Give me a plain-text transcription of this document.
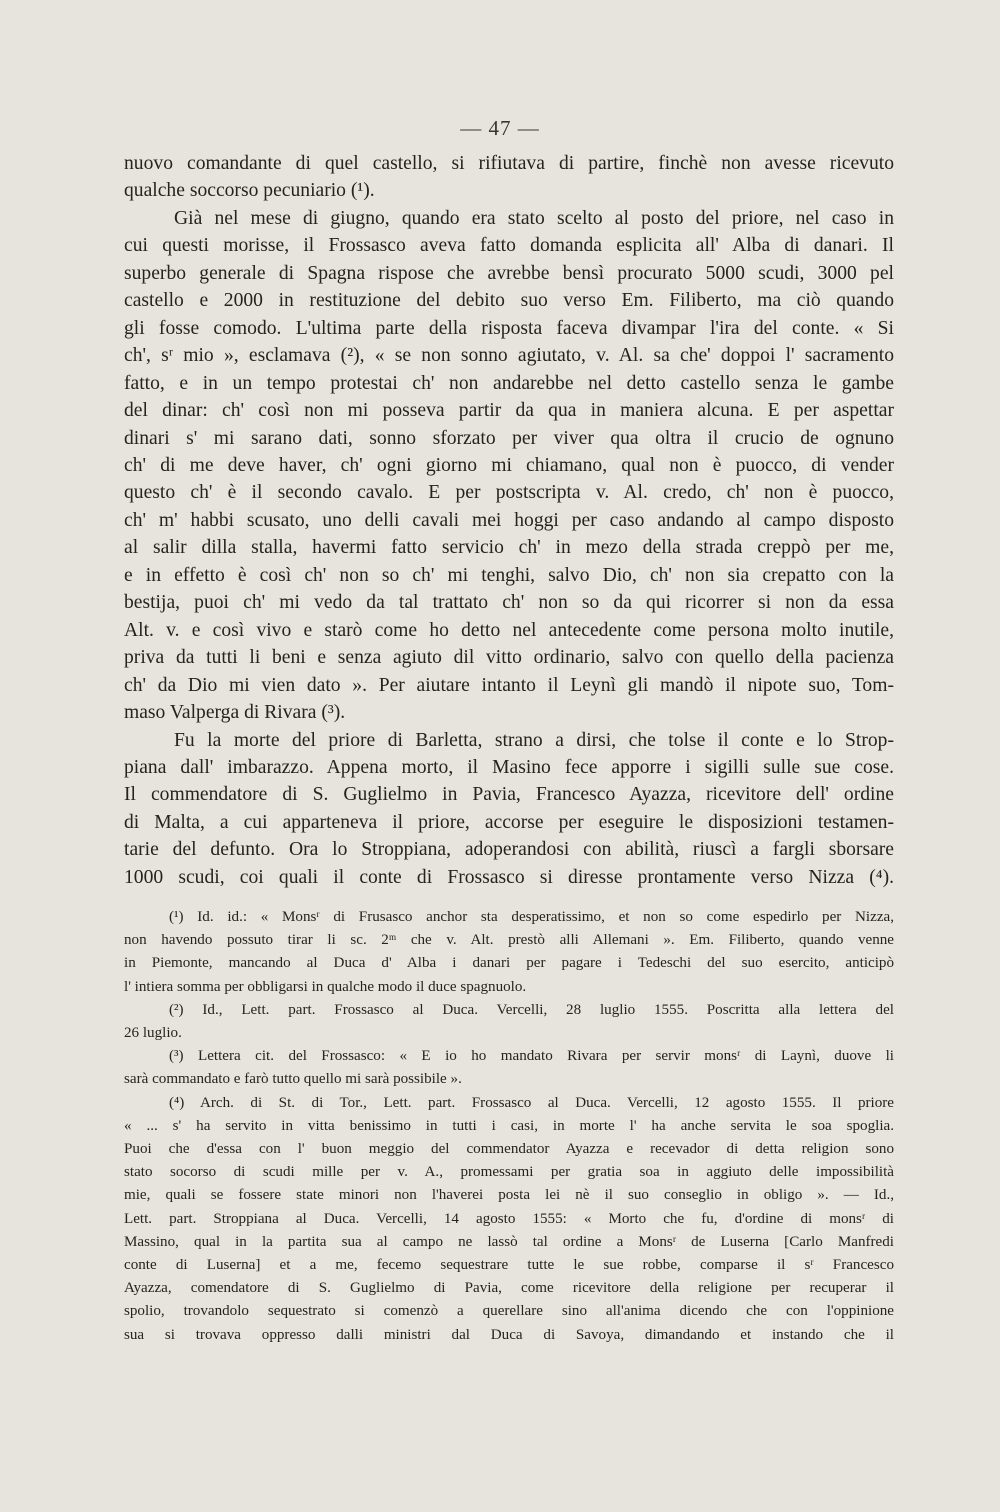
— 47 —
nuovo comandante di quel castello, si rifiutava di partire, finchè non avesse ricevuto
qualche soccorso pecuniario (¹).
Già nel mese di giugno, quando era stato scelto al posto del priore, nel caso in
cui questi morisse, il Frossasco aveva fatto domanda esplicita all' Alba di danari. Il
superbo generale di Spagna rispose che avrebbe bensì procurato 5000 scudi, 3000 pel
castello e 2000 in restituzione del debito suo verso Em. Filiberto, ma ciò quando
gli fosse comodo. L'ultima parte della risposta faceva divampar l'ira del conte. « Si
ch', sʳ mio », esclamava (²), « se non sonno agiutato, v. Al. sa che' doppoi l' sacramento
fatto, e in un tempo protestai ch' non andarebbe nel detto castello senza le gambe
del dinar: ch' così non mi posseva partir da qua in maniera alcuna. E per aspettar
dinari s' mi sarano dati, sonno sforzato per viver qua oltra il crucio de ognuno
ch' di me deve haver, ch' ogni giorno mi chiamano, qual non è puocco, di vender
questo ch' è il secondo cavalo. E per postscripta v. Al. credo, ch' non è puocco,
ch' m' habbi scusato, uno delli cavali mei hoggi per caso andando al campo disposto
al salir dilla stalla, havermi fatto servicio ch' in mezo della strada creppò per me,
e in effetto è così ch' non so ch' mi tenghi, salvo Dio, ch' non sia crepatto con la
bestija, puoi ch' mi vedo da tal trattato ch' non so da qui ricorrer si non da essa
Alt. v. e così vivo e starò come ho detto nel antecedente come persona molto inutile,
priva da tutti li beni e senza agiuto dil vitto ordinario, salvo con quello della pacienza
ch' da Dio mi vien dato ». Per aiutare intanto il Leynì gli mandò il nipote suo, Tom-
maso Valperga di Rivara (³).
Fu la morte del priore di Barletta, strano a dirsi, che tolse il conte e lo Strop-
piana dall' imbarazzo. Appena morto, il Masino fece apporre i sigilli sulle sue cose.
Il commendatore di S. Guglielmo in Pavia, Francesco Ayazza, ricevitore dell' ordine
di Malta, a cui apparteneva il priore, accorse per eseguire le disposizioni testamen-
tarie del defunto. Ora lo Stroppiana, adoperandosi con abilità, riuscì a fargli sborsare
1000 scudi, coi quali il conte di Frossasco si diresse prontamente verso Nizza (⁴).
(¹) Id. id.: « Monsʳ di Frusasco anchor sta desperatissimo, et non so come espedirlo per Nizza,
non havendo possuto tirar li sc. 2ᵐ che v. Alt. prestò alli Allemani ». Em. Filiberto, quando venne
in Piemonte, mancando al Duca d' Alba i danari per pagare i Tedeschi del suo esercito, anticipò
l' intiera somma per obbligarsi in qualche modo il duce spagnuolo.
(²) Id., Lett. part. Frossasco al Duca. Vercelli, 28 luglio 1555. Poscritta alla lettera del
26 luglio.
(³) Lettera cit. del Frossasco: « E io ho mandato Rivara per servir monsʳ di Laynì, duove li
sarà commandato e farò tutto quello mi sarà possibile ».
(⁴) Arch. di St. di Tor., Lett. part. Frossasco al Duca. Vercelli, 12 agosto 1555. Il priore
« ... s' ha servito in vitta benissimo in tutti i casi, in morte l' ha anche servita le soa spoglia.
Puoi che d'essa con l' buon meggio del commendator Ayazza e recevador di detta religion sono
stato socorso di scudi mille per v. A., promessami per gratia soa in aggiuto delle impossibilità
mie, quali se fossere state minori non l'haverei posta lei nè il suo conseglio in obligo ». — Id.,
Lett. part. Stroppiana al Duca. Vercelli, 14 agosto 1555: « Morto che fu, d'ordine di monsʳ di
Massino, qual in la partita sua al campo ne lassò tal ordine a Monsʳ de Luserna [Carlo Manfredi
conte di Luserna] et a me, fecemo sequestrare tutte le sue robbe, comparse il sʳ Francesco
Ayazza, comendatore di S. Guglielmo di Pavia, come ricevitore della religione per recuperar il
spolio, trovandolo sequestrato si comenzò a querellare sino all'anima dicendo che con l'oppinione
sua si trovava oppresso dalli ministri dal Duca di Savoya, dimandando et instando che il
